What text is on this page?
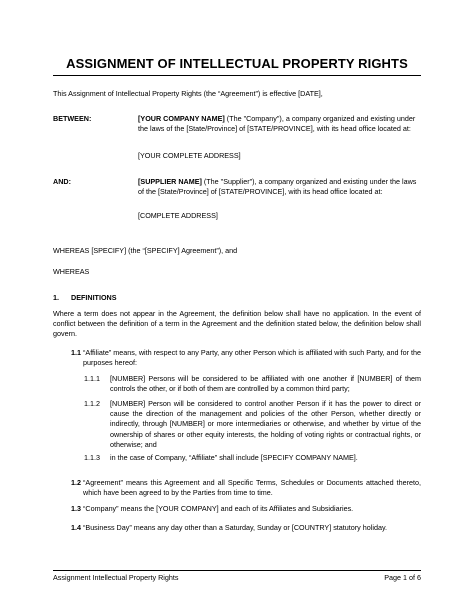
ASSIGNMENT OF INTELLECTUAL PROPERTY RIGHTS
This Assignment of Intellectual Property Rights (the “Agreement”) is effective [DATE],
BETWEEN:	[YOUR COMPANY NAME] (The "Company"), a company organized and existing under the laws of the [State/Province] of [STATE/PROVINCE], with its head office located at:
[YOUR COMPLETE ADDRESS]
AND:	[SUPPLIER NAME] (The "Supplier"), a company organized and existing under the laws of the [State/Province] of [STATE/PROVINCE], with its head office located at:
[COMPLETE ADDRESS]
WHEREAS [SPECIFY] (the “[SPECIFY] Agreement”), and
WHEREAS
1. DEFINITIONS
Where a term does not appear in the Agreement, the definition below shall have no application. In the event of conflict between the definition of a term in the Agreement and the definition stated below, the definition below shall govern.
1.1 “Affiliate” means, with respect to any Party, any other Person which is affiliated with such Party, and for the purposes hereof:
1.1.1 [NUMBER] Persons will be considered to be affiliated with one another if [NUMBER] of them controls the other, or if both of them are controlled by a common third party;
1.1.2 [NUMBER] Person will be considered to control another Person if it has the power to direct or cause the direction of the management and policies of the other Person, whether directly or indirectly, through [NUMBER] or more intermediaries or otherwise, and whether by virtue of the ownership of shares or other equity interests, the holding of voting rights or contractual rights, or otherwise; and
1.1.3 in the case of Company, “Affiliate” shall include [SPECIFY COMPANY NAME].
1.2 “Agreement” means this Agreement and all Specific Terms, Schedules or Documents attached thereto, which have been agreed to by the Parties from time to time.
1.3 “Company” means the [YOUR COMPANY] and each of its Affiliates and Subsidiaries.
1.4 “Business Day” means any day other than a Saturday, Sunday or [COUNTRY] statutory holiday.
Assignment Intellectual Property Rights	Page 1 of 6
